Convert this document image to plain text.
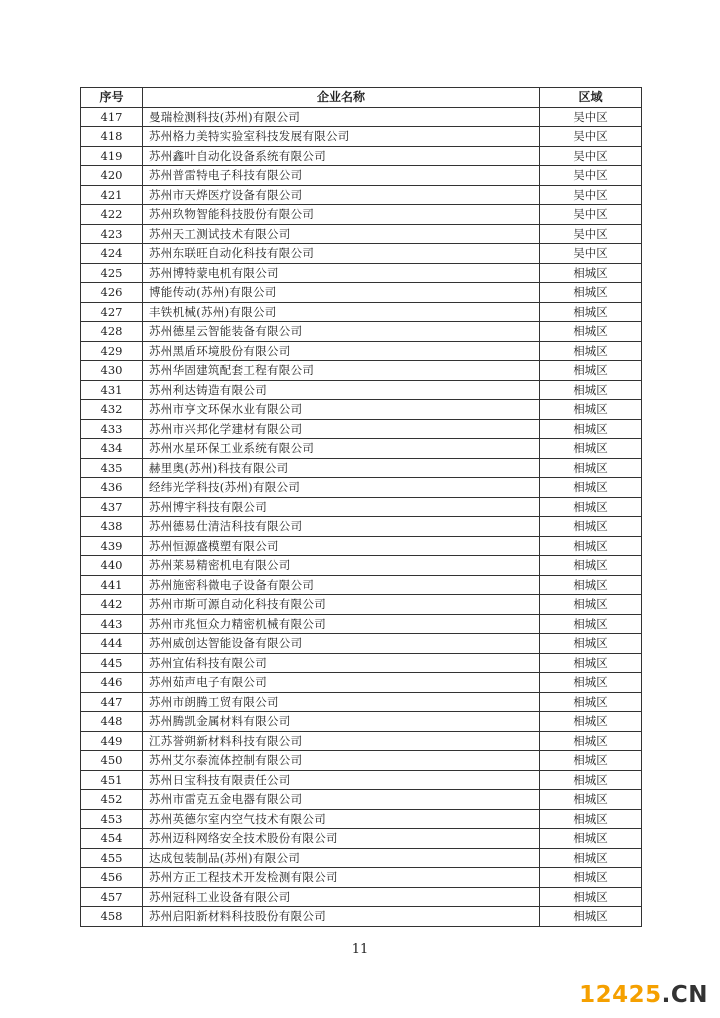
序号	企业名称	区域
417	曼瑞检测科技(苏州)有限公司	吴中区
418	苏州格力美特实验室科技发展有限公司	吴中区
419	苏州鑫叶自动化设备系统有限公司	吴中区
420	苏州普雷特电子科技有限公司	吴中区
421	苏州市天烨医疗设备有限公司	吴中区
422	苏州玖物智能科技股份有限公司	吴中区
423	苏州天工测试技术有限公司	吴中区
424	苏州东联旺自动化科技有限公司	吴中区
425	苏州博特蒙电机有限公司	相城区
426	博能传动(苏州)有限公司	相城区
427	丰铁机械(苏州)有限公司	相城区
428	苏州德星云智能装备有限公司	相城区
429	苏州黑盾环境股份有限公司	相城区
430	苏州华固建筑配套工程有限公司	相城区
431	苏州利达铸造有限公司	相城区
432	苏州市亨文环保水业有限公司	相城区
433	苏州市兴邦化学建材有限公司	相城区
434	苏州水星环保工业系统有限公司	相城区
435	赫里奥(苏州)科技有限公司	相城区
436	经纬光学科技(苏州)有限公司	相城区
437	苏州博宇科技有限公司	相城区
438	苏州德易仕清洁科技有限公司	相城区
439	苏州恒源盛模塑有限公司	相城区
440	苏州莱易精密机电有限公司	相城区
441	苏州施密科微电子设备有限公司	相城区
442	苏州市斯可源自动化科技有限公司	相城区
443	苏州市兆恒众力精密机械有限公司	相城区
444	苏州威创达智能设备有限公司	相城区
445	苏州宜佑科技有限公司	相城区
446	苏州茹声电子有限公司	相城区
447	苏州市朗腾工贸有限公司	相城区
448	苏州腾凯金属材料有限公司	相城区
449	江苏誉朔新材料科技有限公司	相城区
450	苏州艾尔泰流体控制有限公司	相城区
451	苏州日宝科技有限责任公司	相城区
452	苏州市雷克五金电器有限公司	相城区
453	苏州英德尔室内空气技术有限公司	相城区
454	苏州迈科网络安全技术股份有限公司	相城区
455	达成包装制品(苏州)有限公司	相城区
456	苏州方正工程技术开发检测有限公司	相城区
457	苏州冠科工业设备有限公司	相城区
458	苏州启阳新材料科技股份有限公司	相城区
11
12425.CN
